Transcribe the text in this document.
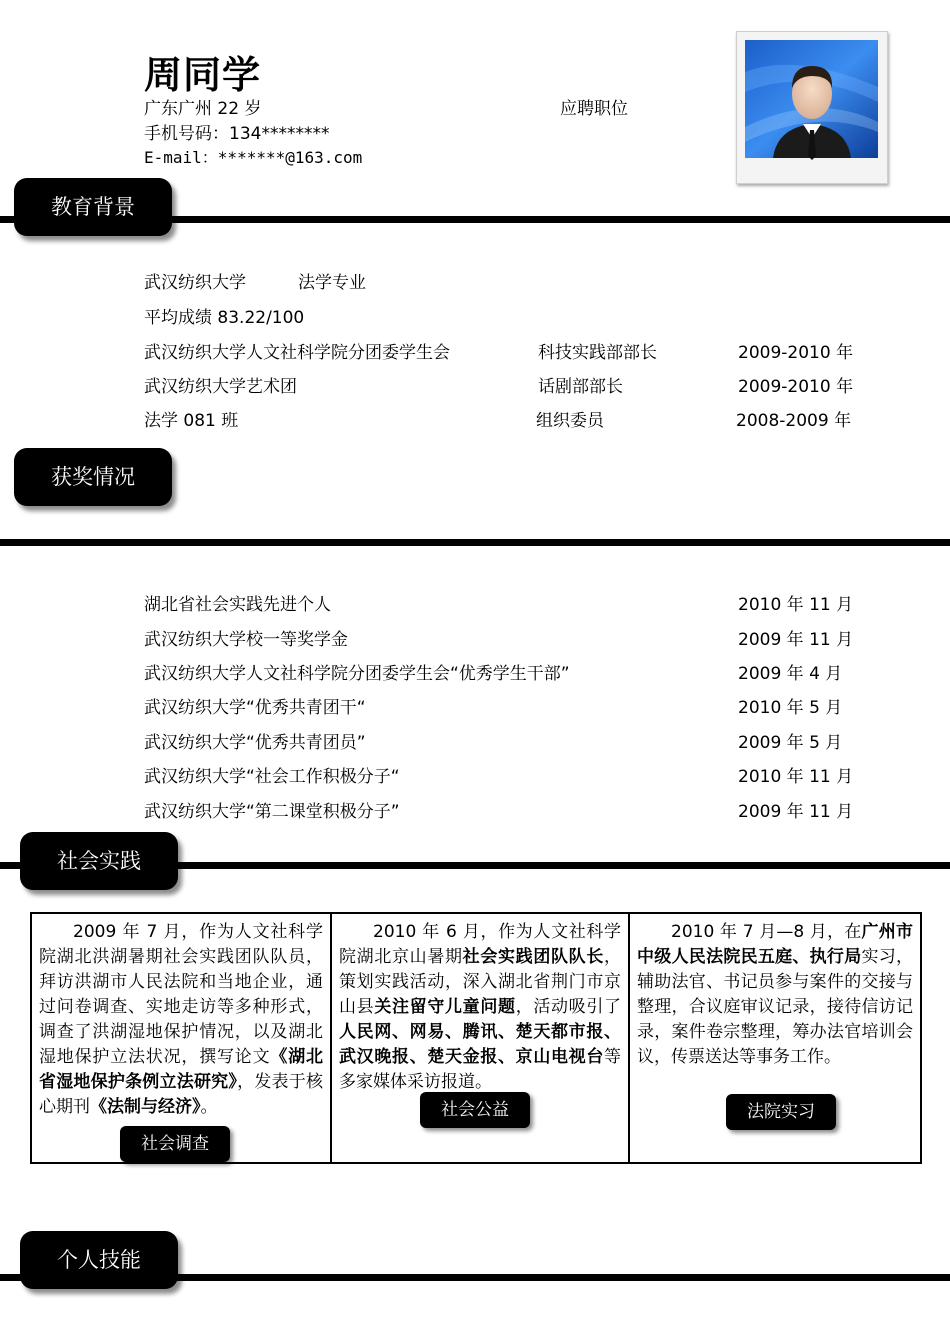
周同学
广东广州 22 岁	应聘职位
手机号码：134********
E-mail：*******@163.com
教育背景
武汉纺织大学	法学专业
平均成绩 83.22/100
武汉纺织大学人文社科学院分团委学生会	科技实践部部长	2009-2010 年
武汉纺织大学艺术团	话剧部部长	2009-2010 年
法学 081 班	组织委员	2008-2009 年
获奖情况
湖北省社会实践先进个人	2010 年 11 月
武汉纺织大学校一等奖学金	2009 年 11 月
武汉纺织大学人文社科学院分团委学生会“优秀学生干部”	2009 年 4 月
武汉纺织大学“优秀共青团干“	2010 年 5 月
武汉纺织大学“优秀共青团员”	2009 年 5 月
武汉纺织大学“社会工作积极分子“	2010 年 11 月
武汉纺织大学“第二课堂积极分子”	2009 年 11 月
社会实践
2009 年 7 月，作为人文社科学院湖北洪湖暑期社会实践团队队员，拜访洪湖市人民法院和当地企业，通过问卷调查、实地走访等多种形式，调查了洪湖湿地保护情况，以及湖北湿地保护立法状况，撰写论文《湖北省湿地保护条例立法研究》，发表于核心期刊《法制与经济》。
社会调查
2010 年 6 月，作为人文社科学院湖北京山暑期社会实践团队队长，策划实践活动，深入湖北省荆门市京山县关注留守儿童问题，活动吸引了人民网、网易、腾讯、楚天都市报、武汉晚报、楚天金报、京山电视台等多家媒体采访报道。
社会公益
2010 年 7 月—8 月，在广州市中级人民法院民五庭、执行局实习，辅助法官、书记员参与案件的交接与整理，合议庭审议记录，接待信访记录，案件卷宗整理，筹办法官培训会议，传票送达等事务工作。
法院实习
个人技能
